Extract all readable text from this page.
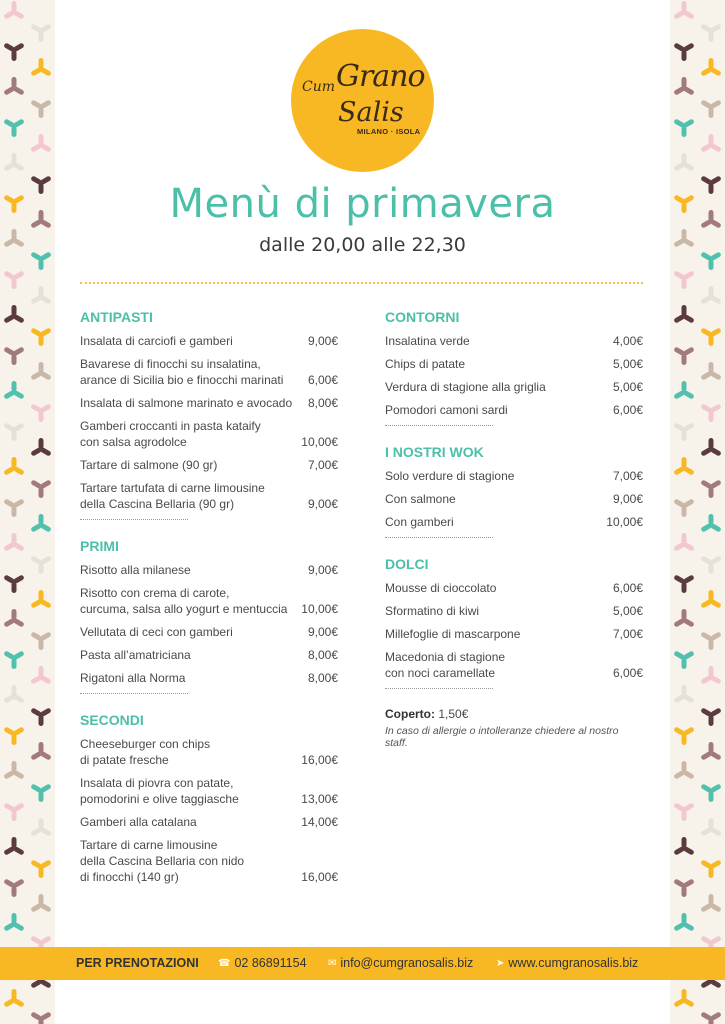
Cum Grano
Salis
MILANO · ISOLA
Menù di primavera
dalle 20,00 alle 22,30
ANTIPASTI
Insalata di carciofi e gamberi	9,00€
Bavarese di finocchi su insalatina,
arance di Sicilia bio e finocchi marinati	6,00€
Insalata di salmone marinato e avocado	8,00€
Gamberi croccanti in pasta kataify
con salsa agrodolce	10,00€
Tartare di salmone (90 gr)	7,00€
Tartare tartufata di carne limousine
della Cascina Bellaria (90 gr)	9,00€
PRIMI
Risotto alla milanese	9,00€
Risotto con crema di carote,
curcuma, salsa allo yogurt e mentuccia	10,00€
Vellutata di ceci con gamberi	9,00€
Pasta all’amatriciana	8,00€
Rigatoni alla Norma	8,00€
SECONDI
Cheeseburger con chips
di patate fresche	16,00€
Insalata di piovra con patate,
pomodorini e olive taggiasche	13,00€
Gamberi alla catalana	14,00€
Tartare di carne limousine
della Cascina Bellaria con nido
di finocchi (140 gr)	16,00€
CONTORNI
Insalatina verde	4,00€
Chips di patate	5,00€
Verdura di stagione alla griglia	5,00€
Pomodori camoni sardi	6,00€
I NOSTRI WOK
Solo verdure di stagione	7,00€
Con salmone	9,00€
Con gamberi	10,00€
DOLCI
Mousse di cioccolato	6,00€
Sformatino di kiwi	5,00€
Millefoglie di mascarpone	7,00€
Macedonia di stagione
con noci caramellate	6,00€
Coperto: 1,50€
In caso di allergie o intolleranze chiedere al nostro staff.
PER PRENOTAZIONI ☎ 02 86891154 ✉ info@cumgranosalis.biz ➤ www.cumgranosalis.biz
